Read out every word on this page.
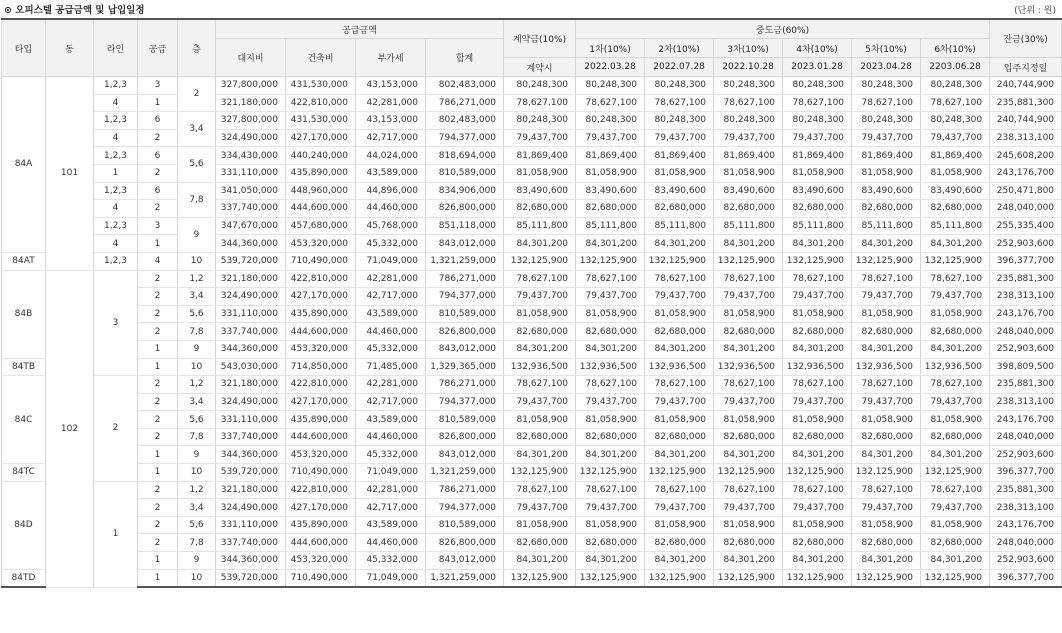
⊙ 오피스텔 공급금액 및 납입일정	(단위 : 원)
타입	동	라인	공급	층	공급금액				계약금(10%)	중도금(60%)						잔금(30%)
					대지비	건축비	부가세	합계		1차(10%)	2차(10%)	3차(10%)	4차(10%)	5차(10%)	6차(10%)	
									계약시	2022.03.28	2022.07.28	2022.10.28	2023.01.28	2023.04.28	2203.06.28	입주지정일
84A	101	1,2,3	3	2	327,800,000	431,530,000	43,153,000	802,483,000	80,248,300	80,248,300	80,248,300	80,248,300	80,248,300	80,248,300	80,248,300	240,744,900
		4	1		321,180,000	422,810,000	42,281,000	786,271,000	78,627,100	78,627,100	78,627,100	78,627,100	78,627,100	78,627,100	78,627,100	235,881,300
		1,2,3	6	3,4	327,800,000	431,530,000	43,153,000	802,483,000	80,248,300	80,248,300	80,248,300	80,248,300	80,248,300	80,248,300	80,248,300	240,744,900
		4	2		324,490,000	427,170,000	42,717,000	794,377,000	79,437,700	79,437,700	79,437,700	79,437,700	79,437,700	79,437,700	79,437,700	238,313,100
		1,2,3	6	5,6	334,430,000	440,240,000	44,024,000	818,694,000	81,869,400	81,869,400	81,869,400	81,869,400	81,869,400	81,869,400	81,869,400	245,608,200
		1	2		331,110,000	435,890,000	43,589,000	810,589,000	81,058,900	81,058,900	81,058,900	81,058,900	81,058,900	81,058,900	81,058,900	243,176,700
		1,2,3	6	7,8	341,050,000	448,960,000	44,896,000	834,906,000	83,490,600	83,490,600	83,490,600	83,490,600	83,490,600	83,490,600	83,490,600	250,471,800
		4	2		337,740,000	444,600,000	44,460,000	826,800,000	82,680,000	82,680,000	82,680,000	82,680,000	82,680,000	82,680,000	82,680,000	248,040,000
		1,2,3	3	9	347,670,000	457,680,000	45,768,000	851,118,000	85,111,800	85,111,800	85,111,800	85,111,800	85,111,800	85,111,800	85,111,800	255,335,400
		4	1		344,360,000	453,320,000	45,332,000	843,012,000	84,301,200	84,301,200	84,301,200	84,301,200	84,301,200	84,301,200	84,301,200	252,903,600
84AT		1,2,3	4	10	539,720,000	710,490,000	71,049,000	1,321,259,000	132,125,900	132,125,900	132,125,900	132,125,900	132,125,900	132,125,900	132,125,900	396,377,700
84B	102	3	2	1,2	321,180,000	422,810,000	42,281,000	786,271,000	78,627,100	78,627,100	78,627,100	78,627,100	78,627,100	78,627,100	78,627,100	235,881,300
			2	3,4	324,490,000	427,170,000	42,717,000	794,377,000	79,437,700	79,437,700	79,437,700	79,437,700	79,437,700	79,437,700	79,437,700	238,313,100
			2	5,6	331,110,000	435,890,000	43,589,000	810,589,000	81,058,900	81,058,900	81,058,900	81,058,900	81,058,900	81,058,900	81,058,900	243,176,700
			2	7,8	337,740,000	444,600,000	44,460,000	826,800,000	82,680,000	82,680,000	82,680,000	82,680,000	82,680,000	82,680,000	82,680,000	248,040,000
			1	9	344,360,000	453,320,000	45,332,000	843,012,000	84,301,200	84,301,200	84,301,200	84,301,200	84,301,200	84,301,200	84,301,200	252,903,600
84TB			1	10	543,030,000	714,850,000	71,485,000	1,329,365,000	132,936,500	132,936,500	132,936,500	132,936,500	132,936,500	132,936,500	132,936,500	398,809,500
84C		2	2	1,2	321,180,000	422,810,000	42,281,000	786,271,000	78,627,100	78,627,100	78,627,100	78,627,100	78,627,100	78,627,100	78,627,100	235,881,300
			2	3,4	324,490,000	427,170,000	42,717,000	794,377,000	79,437,700	79,437,700	79,437,700	79,437,700	79,437,700	79,437,700	79,437,700	238,313,100
			2	5,6	331,110,000	435,890,000	43,589,000	810,589,000	81,058,900	81,058,900	81,058,900	81,058,900	81,058,900	81,058,900	81,058,900	243,176,700
			2	7,8	337,740,000	444,600,000	44,460,000	826,800,000	82,680,000	82,680,000	82,680,000	82,680,000	82,680,000	82,680,000	82,680,000	248,040,000
			1	9	344,360,000	453,320,000	45,332,000	843,012,000	84,301,200	84,301,200	84,301,200	84,301,200	84,301,200	84,301,200	84,301,200	252,903,600
84TC			1	10	539,720,000	710,490,000	71,049,000	1,321,259,000	132,125,900	132,125,900	132,125,900	132,125,900	132,125,900	132,125,900	132,125,900	396,377,700
84D		1	2	1,2	321,180,000	422,810,000	42,281,000	786,271,000	78,627,100	78,627,100	78,627,100	78,627,100	78,627,100	78,627,100	78,627,100	235,881,300
			2	3,4	324,490,000	427,170,000	42,717,000	794,377,000	79,437,700	79,437,700	79,437,700	79,437,700	79,437,700	79,437,700	79,437,700	238,313,100
			2	5,6	331,110,000	435,890,000	43,589,000	810,589,000	81,058,900	81,058,900	81,058,900	81,058,900	81,058,900	81,058,900	81,058,900	243,176,700
			2	7,8	337,740,000	444,600,000	44,460,000	826,800,000	82,680,000	82,680,000	82,680,000	82,680,000	82,680,000	82,680,000	82,680,000	248,040,000
			1	9	344,360,000	453,320,000	45,332,000	843,012,000	84,301,200	84,301,200	84,301,200	84,301,200	84,301,200	84,301,200	84,301,200	252,903,600
84TD			1	10	539,720,000	710,490,000	71,049,000	1,321,259,000	132,125,900	132,125,900	132,125,900	132,125,900	132,125,900	132,125,900	132,125,900	396,377,700
